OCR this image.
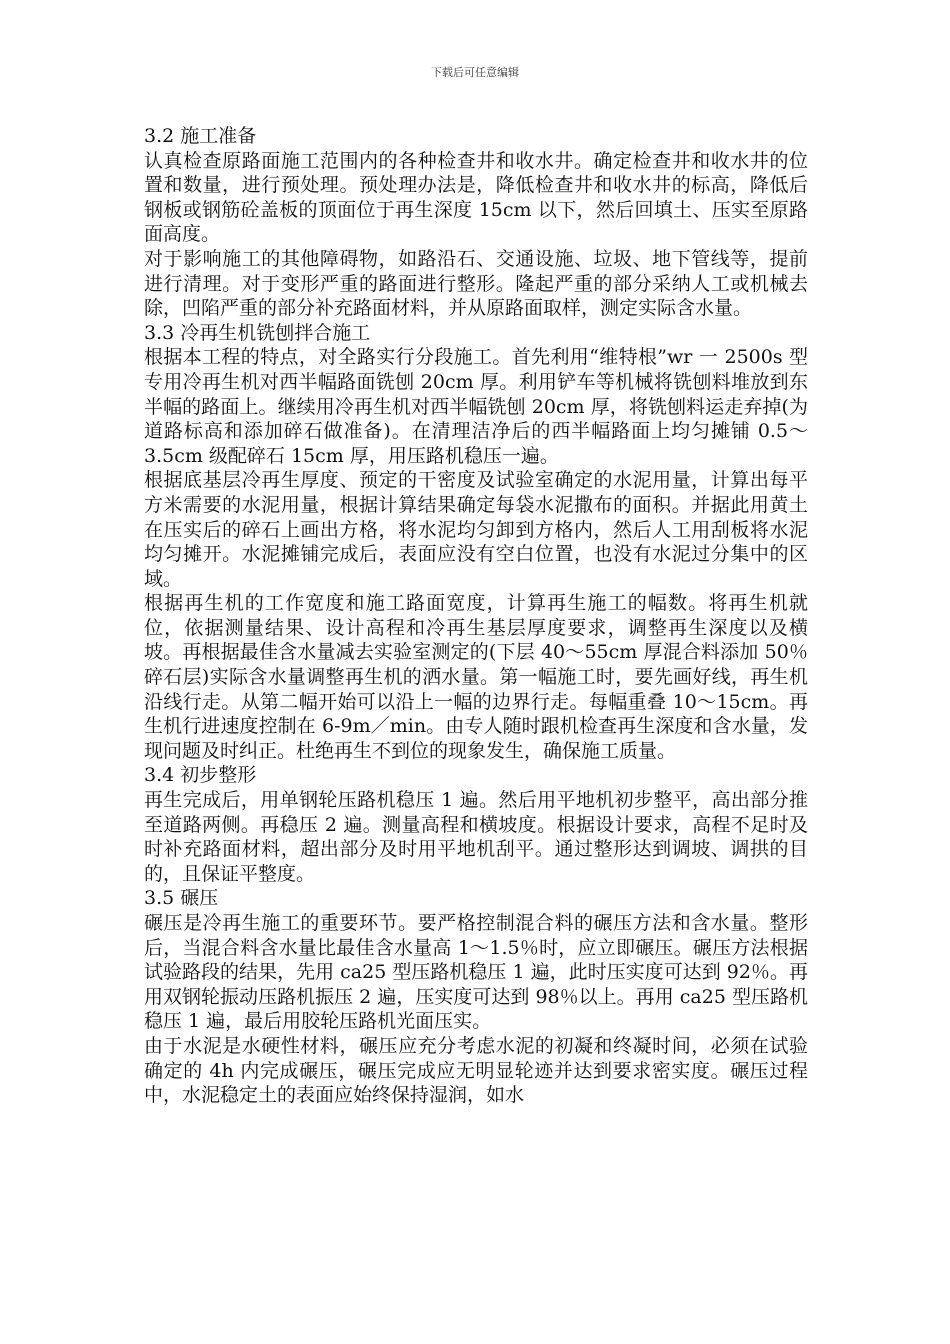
下载后可任意编辑

3.2 施工准备

认真检查原路面施工范围内的各种检查井和收水井。确定检查井和收水井的位置和数量，进行预处理。预处理办法是，降低检查井和收水井的标高，降低后钢板或钢筋砼盖板的顶面位于再生深度 15cm 以下，然后回填土、压实至原路面高度。

对于影响施工的其他障碍物，如路沿石、交通设施、垃圾、地下管线等，提前进行清理。对于变形严重的路面进行整形。隆起严重的部分采纳人工或机械去除，凹陷严重的部分补充路面材料，并从原路面取样，测定实际含水量。

3.3 冷再生机铣刨拌合施工

根据本工程的特点，对全路实行分段施工。首先利用“维特根”wr 一 2500s 型专用冷再生机对西半幅路面铣刨 20cm 厚。利用铲车等机械将铣刨料堆放到东半幅的路面上。继续用冷再生机对西半幅铣刨 20cm 厚，将铣刨料运走弃掉(为道路标高和添加碎石做准备)。在清理洁净后的西半幅路面上均匀摊铺 0.5～3.5cm 级配碎石 15cm 厚，用压路机稳压一遍。

根据底基层冷再生厚度、预定的干密度及试验室确定的水泥用量，计算出每平方米需要的水泥用量，根据计算结果确定每袋水泥撒布的面积。并据此用黄土在压实后的碎石上画出方格，将水泥均匀卸到方格内，然后人工用刮板将水泥均匀摊开。水泥摊铺完成后，表面应没有空白位置，也没有水泥过分集中的区域。

根据再生机的工作宽度和施工路面宽度，计算再生施工的幅数。将再生机就位，依据测量结果、设计高程和冷再生基层厚度要求，调整再生深度以及横坡。再根据最佳含水量减去实验室测定的(下层 40～55cm 厚混合料添加 50％碎石层)实际含水量调整再生机的洒水量。第一幅施工时，要先画好线，再生机沿线行走。从第二幅开始可以沿上一幅的边界行走。每幅重叠 10～15cm。再生机行进速度控制在 6-9m／min。由专人随时跟机检查再生深度和含水量，发现问题及时纠正。杜绝再生不到位的现象发生，确保施工质量。

3.4 初步整形

再生完成后，用单钢轮压路机稳压 1 遍。然后用平地机初步整平，高出部分推至道路两侧。再稳压 2 遍。测量高程和横坡度。根据设计要求，高程不足时及时补充路面材料，超出部分及时用平地机刮平。通过整形达到调坡、调拱的目的，且保证平整度。

3.5 碾压

碾压是冷再生施工的重要环节。要严格控制混合料的碾压方法和含水量。整形后，当混合料含水量比最佳含水量高 1～1.5％时，应立即碾压。碾压方法根据试验路段的结果，先用 ca25 型压路机稳压 1 遍，此时压实度可达到 92％。再用双钢轮振动压路机振压 2 遍，压实度可达到 98％以上。再用 ca25 型压路机稳压 1 遍，最后用胶轮压路机光面压实。

由于水泥是水硬性材料，碾压应充分考虑水泥的初凝和终凝时间，必须在试验确定的 4h 内完成碾压，碾压完成应无明显轮迹并达到要求密实度。碾压过程中，水泥稳定土的表面应始终保持湿润，如水
